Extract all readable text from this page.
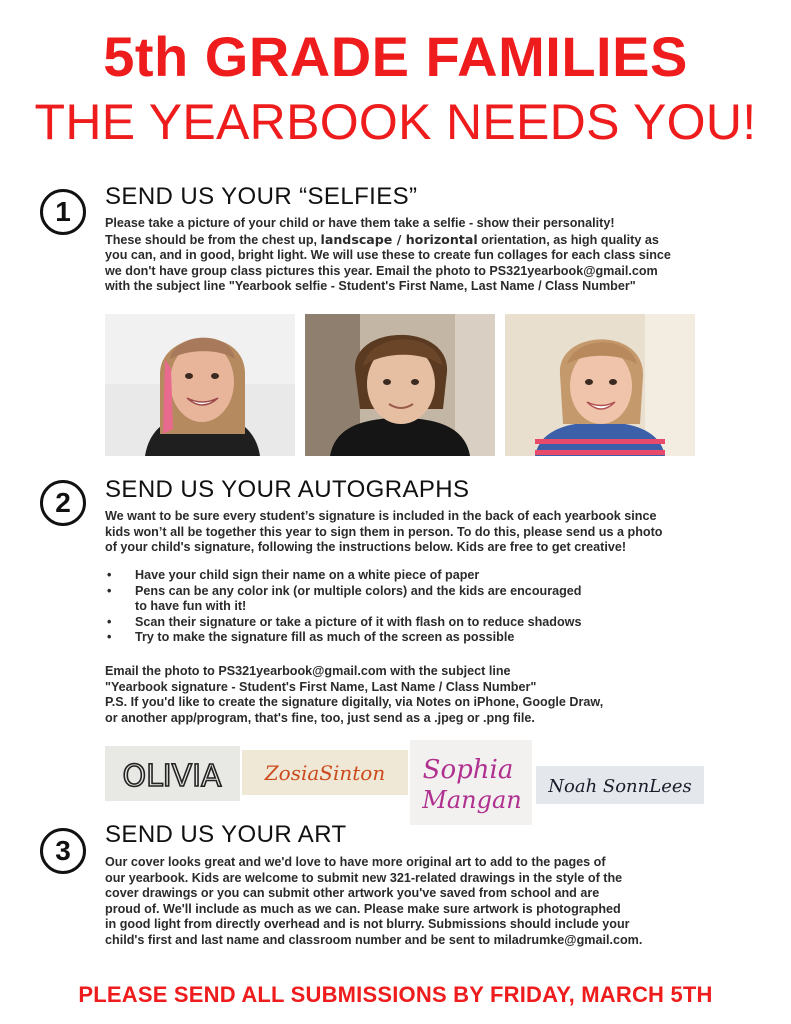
5th GRADE FAMILIES
THE YEARBOOK NEEDS YOU!
1	SEND US YOUR “SELFIES”
Please take a picture of your child or have them take a selfie - show their personality!
These should be from the chest up, landscape / horizontal orientation, as high quality as
you can, and in good, bright light. We will use these to create fun collages for each class since
we don't have group class pictures this year. Email the photo to PS321yearbook@gmail.com
with the subject line "Yearbook selfie - Student's First Name, Last Name / Class Number"
2	SEND US YOUR AUTOGRAPHS
We want to be sure every student’s signature is included in the back of each yearbook since
kids won’t all be together this year to sign them in person. To do this, please send us a photo
of your child's signature, following the instructions below. Kids are free to get creative!
• Have your child sign their name on a white piece of paper
• Pens can be any color ink (or multiple colors) and the kids are encouraged
to have fun with it!
• Scan their signature or take a picture of it with flash on to reduce shadows
• Try to make the signature fill as much of the screen as possible
Email the photo to PS321yearbook@gmail.com with the subject line
"Yearbook signature - Student's First Name, Last Name / Class Number"
P.S. If you'd like to create the signature digitally, via Notes on iPhone, Google Draw,
or another app/program, that's fine, too, just send as a .jpeg or .png file.
OLIVIA ZosiaSinton Sophia
Mangan Noah SonnLees
3
SEND US YOUR ART
Our cover looks great and we'd love to have more original art to add to the pages of
our yearbook. Kids are welcome to submit new 321-related drawings in the style of the
cover drawings or you can submit other artwork you've saved from school and are
proud of. We'll include as much as we can. Please make sure artwork is photographed
in good light from directly overhead and is not blurry. Submissions should include your
child's first and last name and classroom number and be sent to miladrumke@gmail.com.
PLEASE SEND ALL SUBMISSIONS BY FRIDAY, MARCH 5TH
